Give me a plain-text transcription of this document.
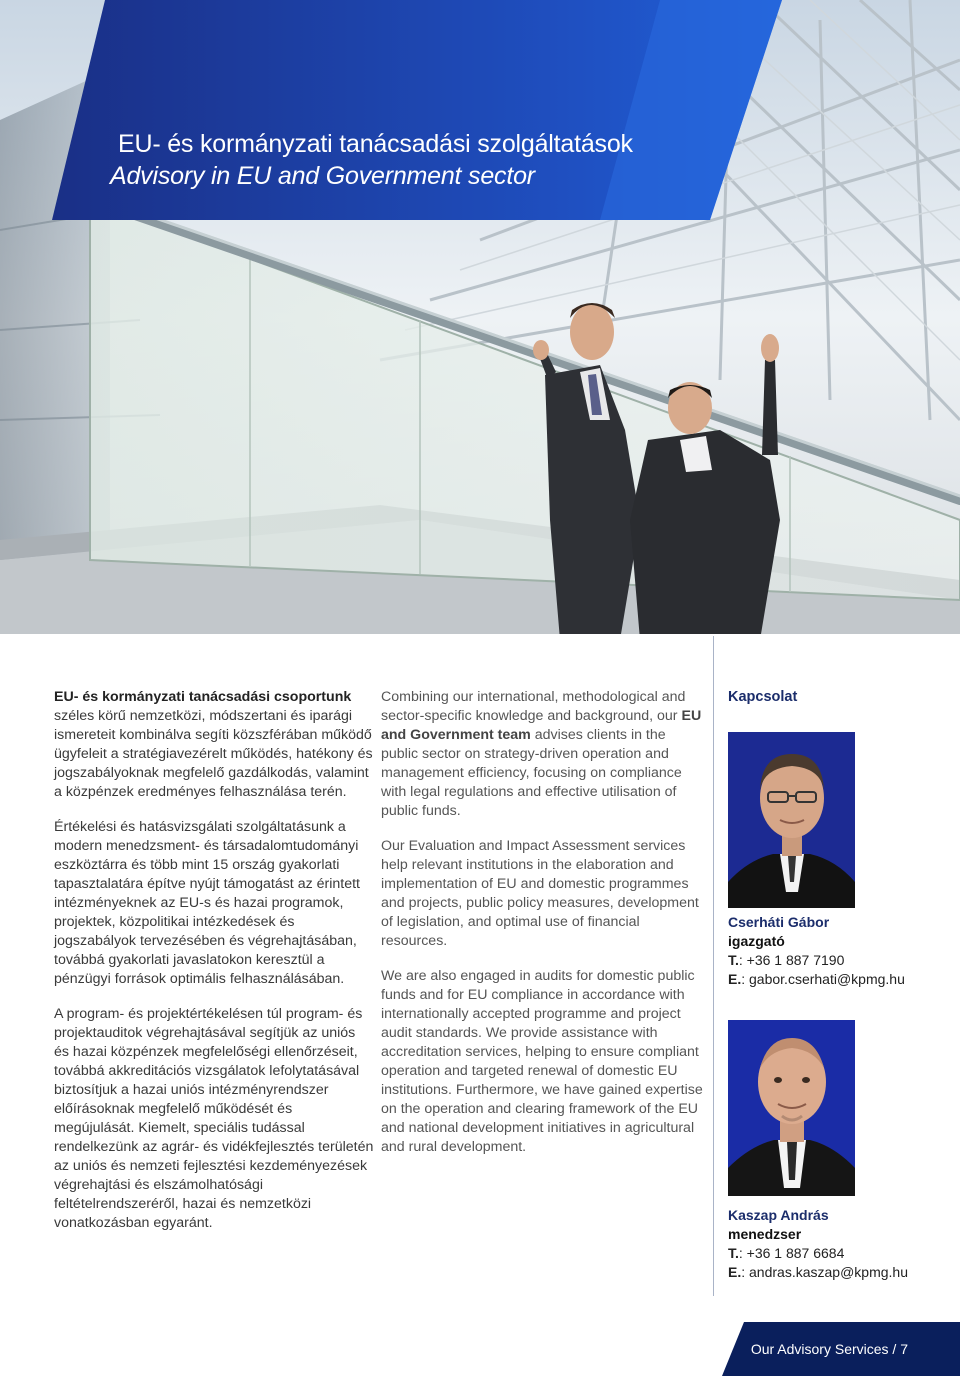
EU- és kormányzati tanácsadási szolgáltatások
Advisory in EU and Government sector

EU- és kormányzati tanácsadási csoportunk széles körű nemzetközi, módszertani és iparági ismereteit kombinálva segíti közszférában működő ügyfeleit a stratégiavezérelt működés, hatékony és jogszabályoknak megfelelő gazdálkodás, valamint a közpénzek eredményes felhasználása terén.

Értékelési és hatásvizsgálati szolgáltatásunk a modern menedzsment- és társadalomtudományi eszköztárra és több mint 15 ország gyakorlati tapasztalatára építve nyújt támogatást az érintett intézményeknek az EU-s és hazai programok, projektek, közpolitikai intézkedések és jogszabályok tervezésében és végrehajtásában, továbbá gyakorlati javaslatokon keresztül a pénzügyi források optimális felhasználásában.

A program- és projektértékelésen túl program- és projektauditok végrehajtásával segítjük az uniós és hazai közpénzek megfelelőségi ellenőrzéseit, továbbá akkreditációs vizsgálatok lefolytatásával biztosítjuk a hazai uniós intézményrendszer előírásoknak megfelelő működését és megújulását. Kiemelt, speciális tudással rendelkezünk az agrár- és vidékfejlesztés területén az uniós és nemzeti fejlesztési kezdeményezések végrehajtási és elszámolhatósági feltételrendszeréről, hazai és nemzetközi vonatkozásban egyaránt.

Combining our international, methodological and sector-specific knowledge and background, our EU and Government team advises clients in the public sector on strategy-driven operation and management efficiency, focusing on compliance with legal regulations and effective utilisation of public funds.

Our Evaluation and Impact Assessment services help relevant institutions in the elaboration and implementation of EU and domestic programmes and projects, public policy measures, development of legislation, and optimal use of financial resources.

We are also engaged in audits for domestic public funds and for EU compliance in accordance with internationally accepted programme and project audit standards. We provide assistance with accreditation services, helping to ensure compliant operation and targeted renewal of domestic EU institutions. Furthermore, we have gained expertise on the operation and clearing framework of the EU and national development initiatives in agricultural and rural development.

Kapcsolat
Cserháti Gábor
igazgató
T.: +36 1 887 7190
E.: gabor.cserhati@kpmg.hu
Kaszap András
menedzser
T.: +36 1 887 6684
E.: andras.kaszap@kpmg.hu
Our Advisory Services / 7
